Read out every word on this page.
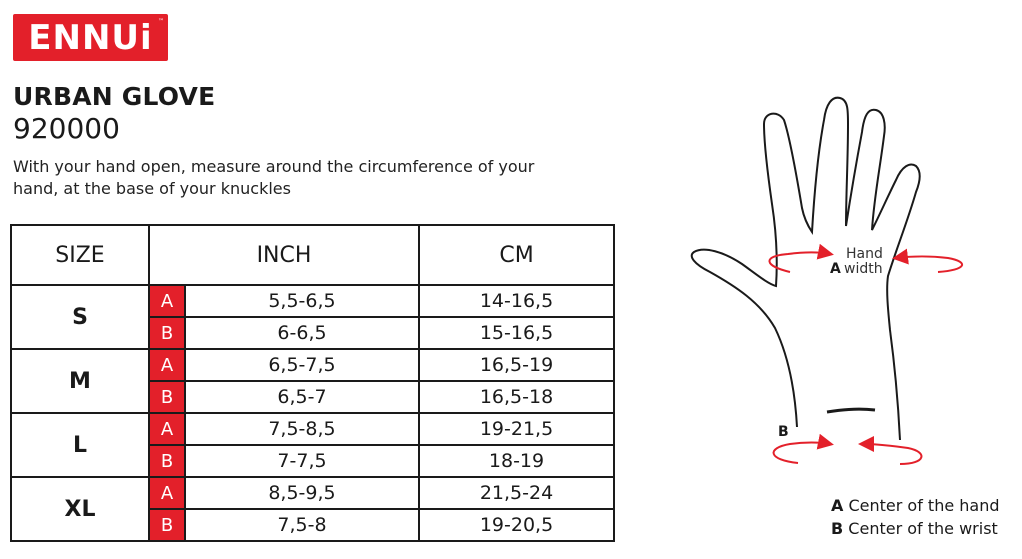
ENNUi ™
URBAN GLOVE
920000
With your hand open, measure around the circumference of your hand, at the base of your knuckles
SIZE	INCH		CM
S	A	5,5-6,5	14-16,5
	B	6-6,5	15-16,5
M	A	6,5-7,5	16,5-19
	B	6,5-7	16,5-18
L	A	7,5-8,5	19-21,5
	B	7-7,5	18-19
XL	A	8,5-9,5	21,5-24
	B	7,5-8	19-20,5
Hand
A width
B
A Center of the hand
B Center of the wrist
